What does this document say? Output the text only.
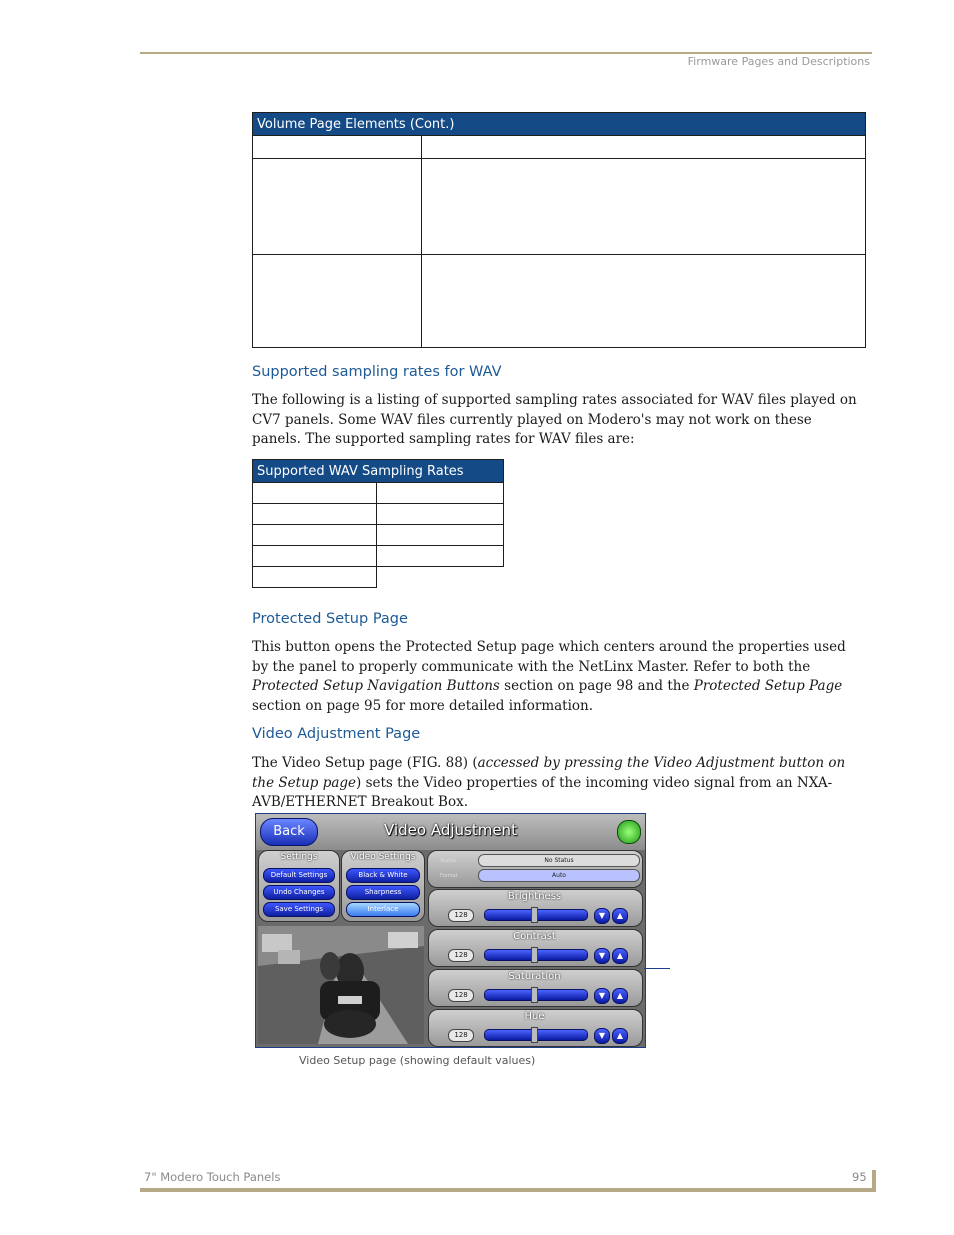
Firmware Pages and Descriptions
Volume Page Elements (Cont.)	

Supported sampling rates for WAV

The following is a listing of supported sampling rates associated for WAV files played on CV7 panels. Some WAV files currently played on Modero's may not work on these panels. The supported sampling rates for WAV files are:

Supported WAV Sampling Rates	

Protected Setup Page

This button opens the Protected Setup page which centers around the properties used by the panel to properly communicate with the NetLinx Master. Refer to both the Protected Setup Navigation Buttons section on page 98 and the Protected Setup Page section on page 95 for more detailed information.

Video Adjustment Page

The Video Setup page (FIG. 88) (accessed by pressing the Video Adjustment button on the Setup page) sets the Video properties of the incoming video signal from an NXA-AVB/ETHERNET Breakout Box.

Back	Video Adjustment
Settings
Default Settings
Undo Changes
Save Settings
Video Settings
Black & White
Sharpness
Interlace
Status	No Status
Format	Auto
Brightness
128	▼	▲
Contrast
128	▼	▲
Saturation
128	▼	▲
Hue
128	▼	▲
Video Setup page (showing default values)
7" Modero Touch Panels	95
